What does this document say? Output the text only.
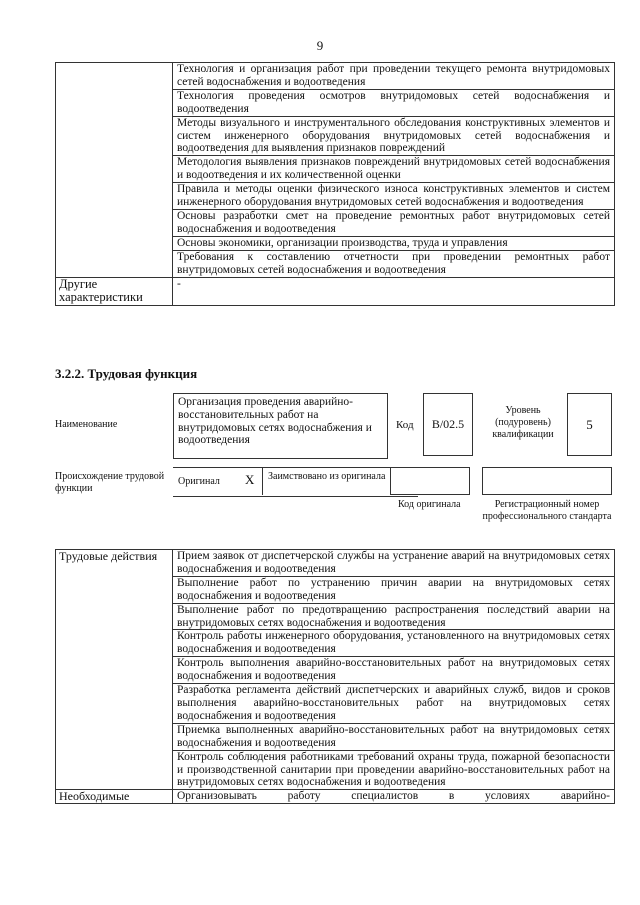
9
	Технология и организация работ при проведении текущего ремонта внутридомовых сетей водоснабжения и водоотведения
	Технология проведения осмотров внутридомовых сетей водоснабжения и водоотведения
	Методы визуального и инструментального обследования конструктивных элементов и систем инженерного оборудования внутридомовых сетей водоснабжения и водоотведения для выявления признаков повреждений
	Методология выявления признаков повреждений внутридомовых сетей водоснабжения и водоотведения и их количественной оценки
	Правила и методы оценки физического износа конструктивных элементов и систем инженерного оборудования внутридомовых сетей водоснабжения и водоотведения
	Основы разработки смет на проведение ремонтных работ внутридомовых сетей водоснабжения и водоотведения
	Основы экономики, организации производства, труда и управления
	Требования к составлению отчетности при проведении ремонтных работ внутридомовых сетей водоснабжения и водоотведения
Другие характеристики	-
3.2.2. Трудовая функция
Наименование
Организация проведения аварийно-восстановительных работ на внутридомовых сетях водоснабжения и водоотведения
Код	B/02.5
Уровень (подуровень) квалификации
5
Происхождение трудовой функции
Оригинал X Заимствовано из оригинала
Код оригинала	Регистрационный номер профессионального стандарта
Трудовые действия	Прием заявок от диспетчерской службы на устранение аварий на внутридомовых сетях водоснабжения и водоотведения
	Выполнение работ по устранению причин аварии на внутридомовых сетях водоснабжения и водоотведения
	Выполнение работ по предотвращению распространения последствий аварии на внутридомовых сетях водоснабжения и водоотведения
	Контроль работы инженерного оборудования, установленного на внутридомовых сетях водоснабжения и водоотведения
	Контроль выполнения аварийно-восстановительных работ на внутридомовых сетях водоснабжения и водоотведения
	Разработка регламента действий диспетчерских и аварийных служб, видов и сроков выполнения аварийно-восстановительных работ на внутридомовых сетях водоснабжения и водоотведения
	Приемка выполненных аварийно-восстановительных работ на внутридомовых сетях водоснабжения и водоотведения
	Контроль соблюдения работниками требований охраны труда, пожарной безопасности и производственной санитарии при проведении аварийно-восстановительных работ на внутридомовых сетях водоснабжения и водоотведения
Необходимые	Организовывать работу специалистов в условиях аварийно-
